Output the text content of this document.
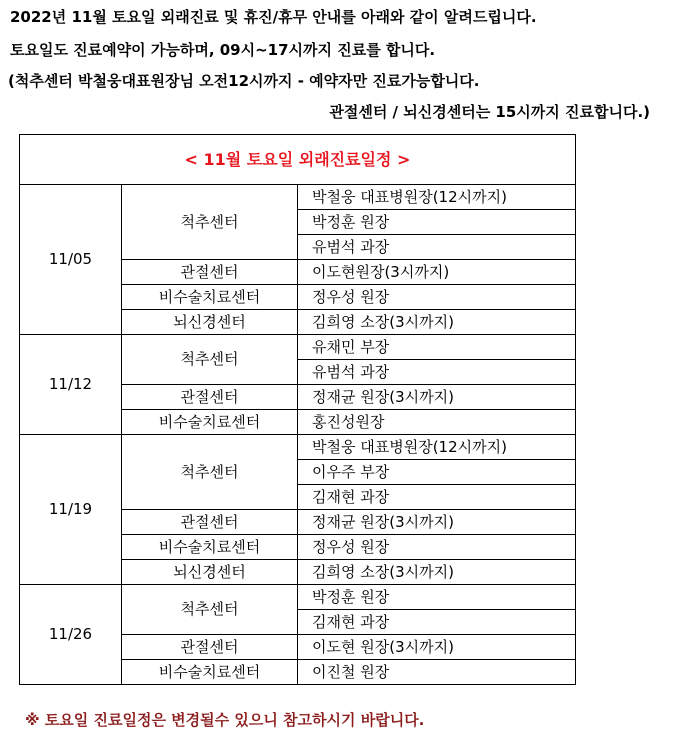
2022년 11월 토요일 외래진료 및 휴진/휴무 안내를 아래와 같이 알려드립니다.
토요일도 진료예약이 가능하며, 09시~17시까지 진료를 합니다.
(척추센터 박철웅대표원장님 오전12시까지 - 예약자만 진료가능합니다.
관절센터 / 뇌신경센터는 15시까지 진료합니다.)
< 11월 토요일 외래진료일정 >		
11/05	척추센터	박철웅 대표병원장(12시까지)
		박정훈 원장
		유범석 과장
	관절센터	이도현원장(3시까지)
	비수술치료센터	정우성 원장
	뇌신경센터	김희영 소장(3시까지)
11/12	척추센터	유채민 부장
		유범석 과장
	관절센터	정재균 원장(3시까지)
	비수술치료센터	홍진성원장
11/19	척추센터	박철웅 대표병원장(12시까지)
		이우주 부장
		김재현 과장
	관절센터	정재균 원장(3시까지)
	비수술치료센터	정우성 원장
	뇌신경센터	김희영 소장(3시까지)
11/26	척추센터	박정훈 원장
		김재현 과장
	관절센터	이도현 원장(3시까지)
	비수술치료센터	이진철 원장
※ 토요일 진료일정은 변경될수 있으니 참고하시기 바랍니다.
